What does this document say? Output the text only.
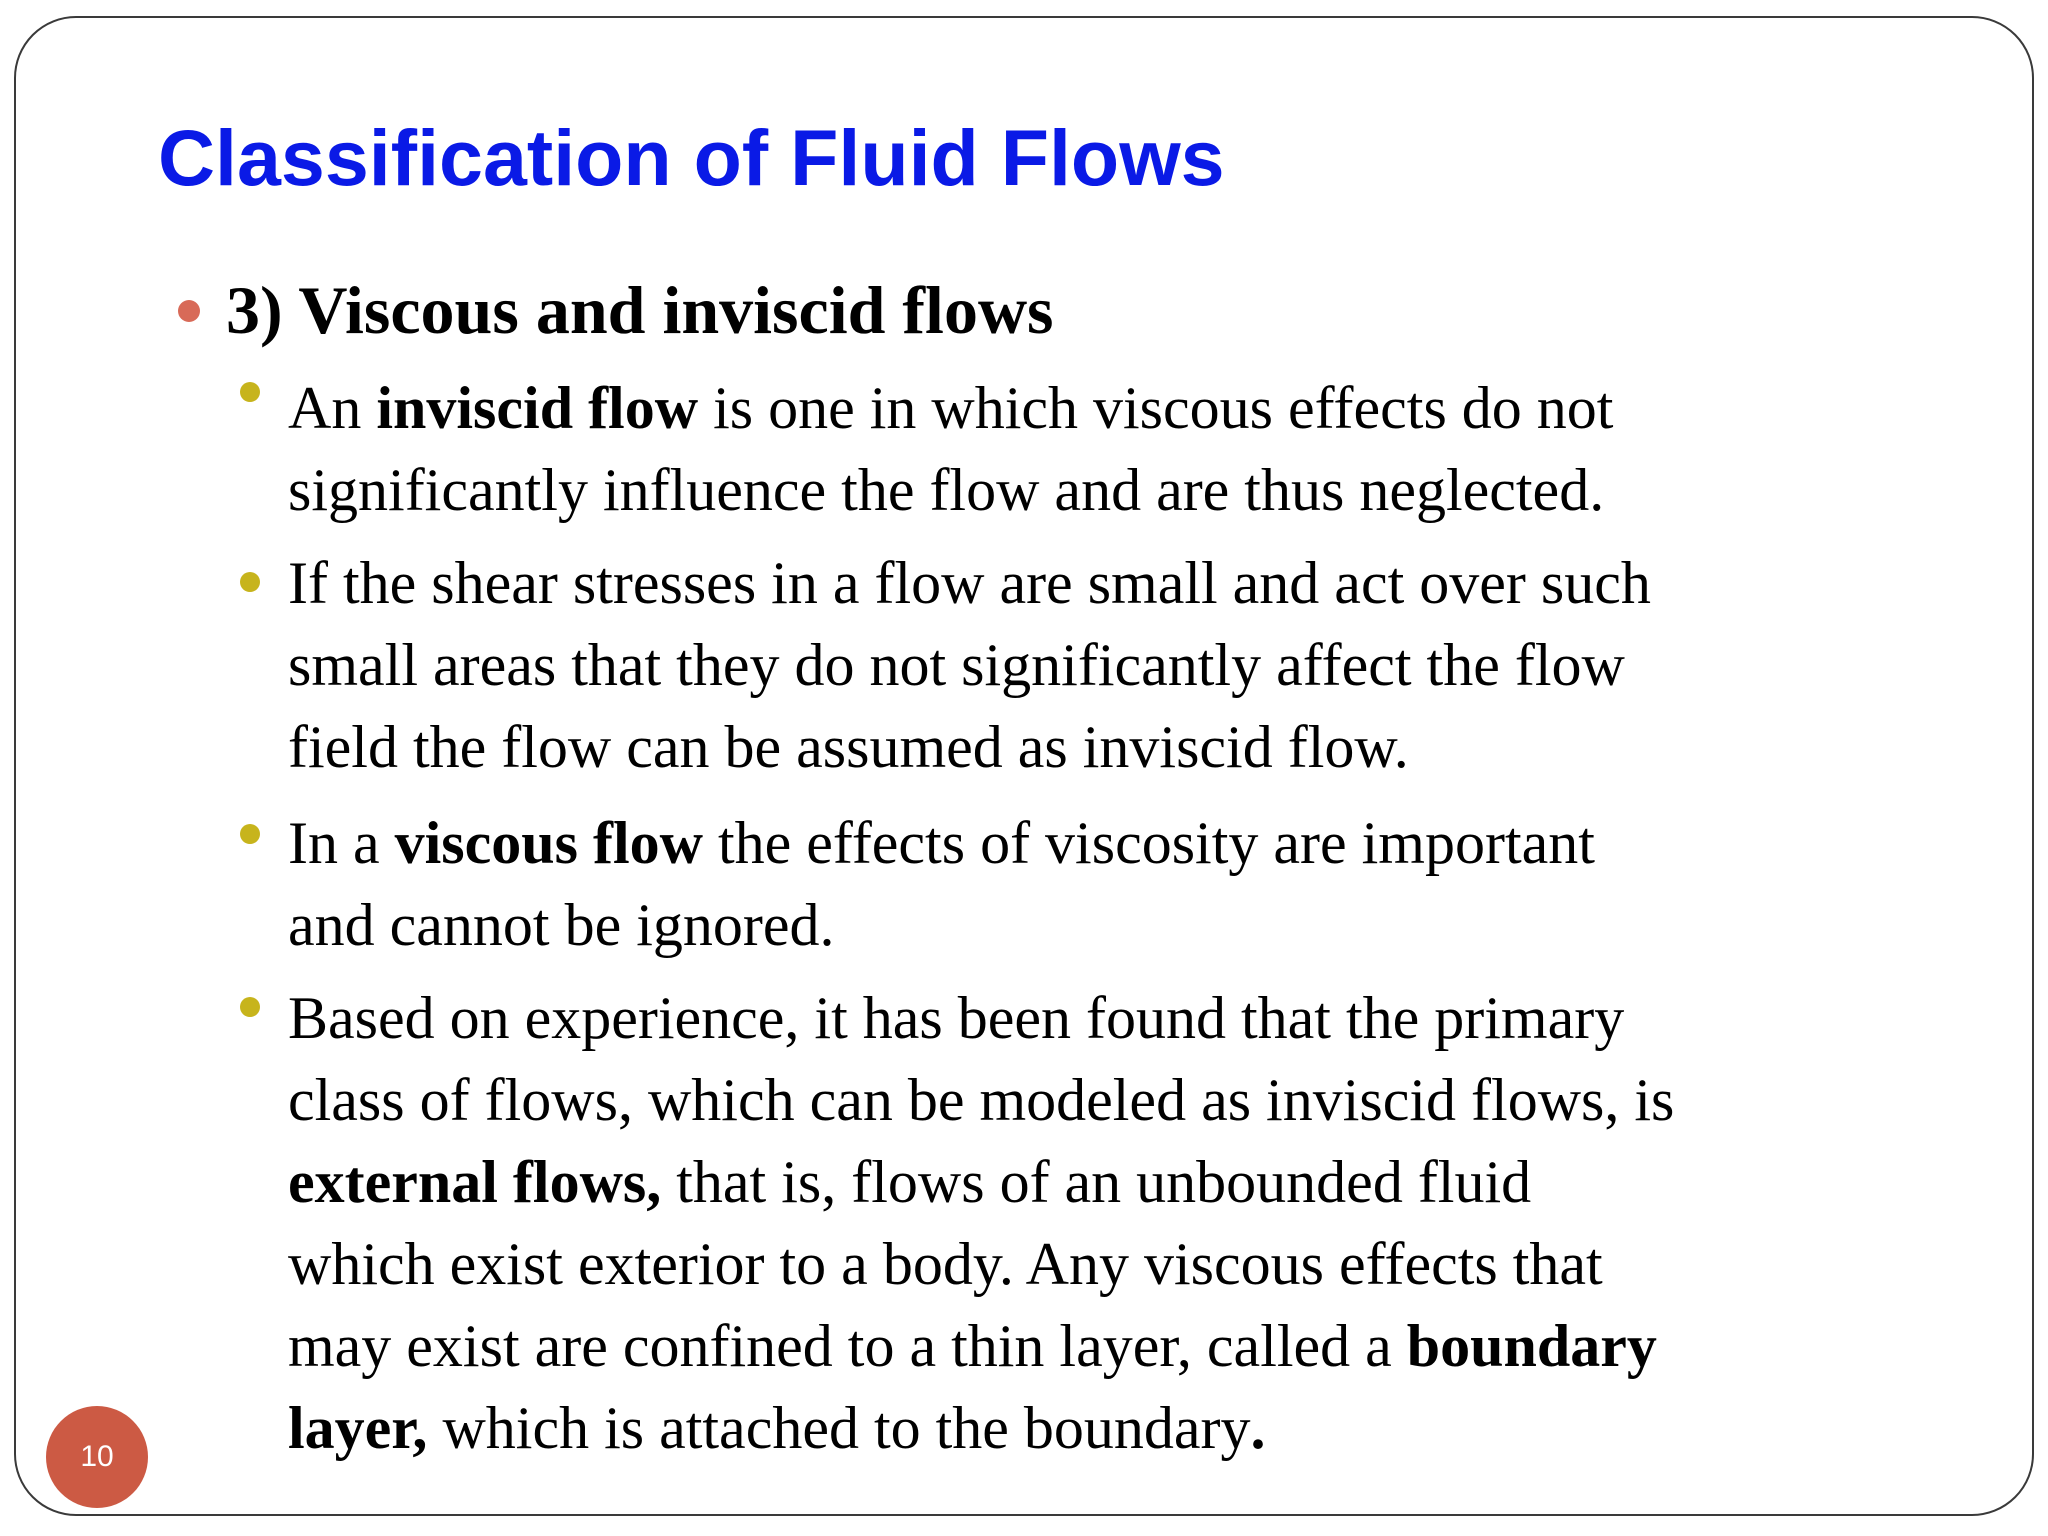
Classification of Fluid Flows
3) Viscous and inviscid flows
An inviscid flow is one in which viscous effects do not
significantly influence the flow and are thus neglected.
If the shear stresses in a flow are small and act over such
small areas that they do not significantly affect the flow
field the flow can be assumed as inviscid flow.
In a viscous flow the effects of viscosity are important
and cannot be ignored.
Based on experience, it has been found that the primary
class of flows, which can be modeled as inviscid flows, is
external flows, that is, flows of an unbounded fluid
which exist exterior to a body. Any viscous effects that
may exist are confined to a thin layer, called a boundary
layer, which is attached to the boundary.
10
